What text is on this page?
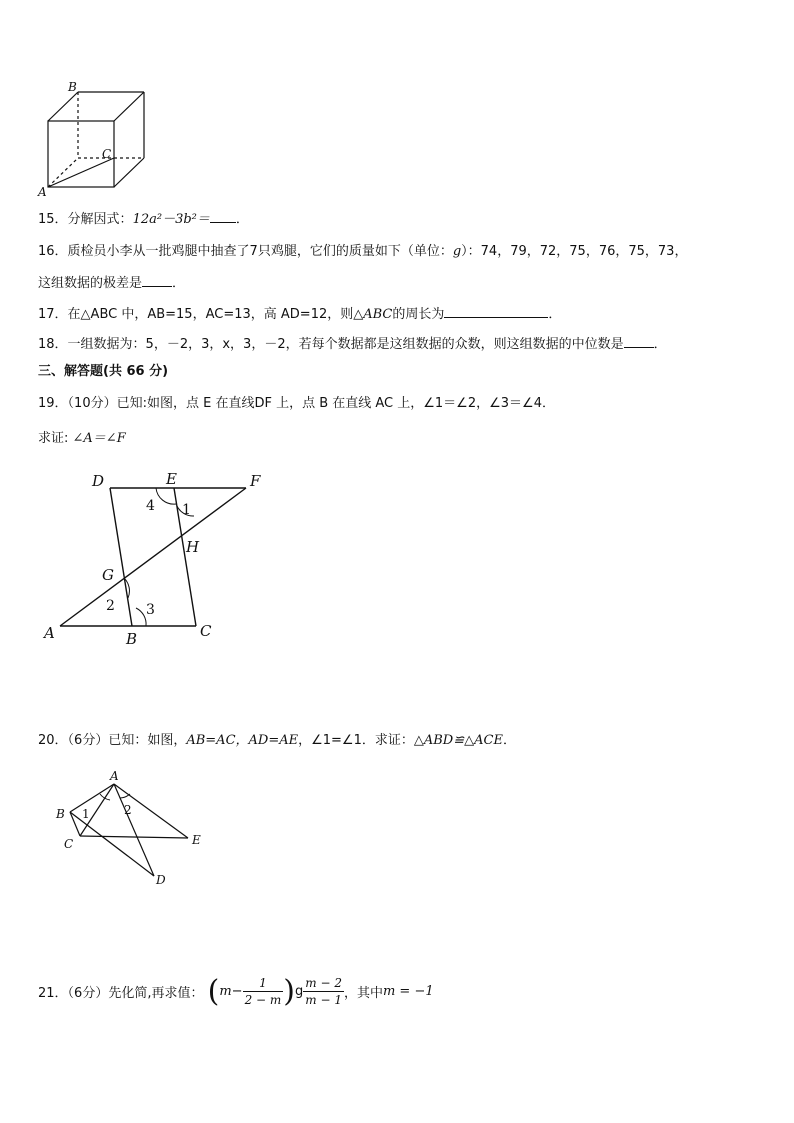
B
C
A
15．分解因式：12a²－3b²＝ ．
16．质检员小李从一批鸡腿中抽查了7只鸡腿，它们的质量如下（单位：g）：74，79，72，75，76，75，73，
这组数据的极差是 ．
17．在△ABC 中，AB=15，AC=13，高 AD=12，则△ABC的周长为	．
18．一组数据为：5，－2，3，x，3，－2，若每个数据都是这组数据的众数，则这组数据的中位数是 ．
三、解答题(共 66 分)
19．（10分）已知:如图，点 E 在直线DF 上，点 B 在直线 AC 上，∠1＝∠2，∠3＝∠4．
求证: ∠A＝∠F
D	E	F
H
G
A	B	C
4 1
2 3
20．（6分）已知：如图，AB=AC，AD=AE，∠1=∠1．求证：△ABD≌△ACE．
A
B
C
D
E
1	2
21．（6分）先化简,再求值： $(m- \frac{1}{2 - m} )g \frac{m - 2}{m - 1}$ ，其中m = −1
